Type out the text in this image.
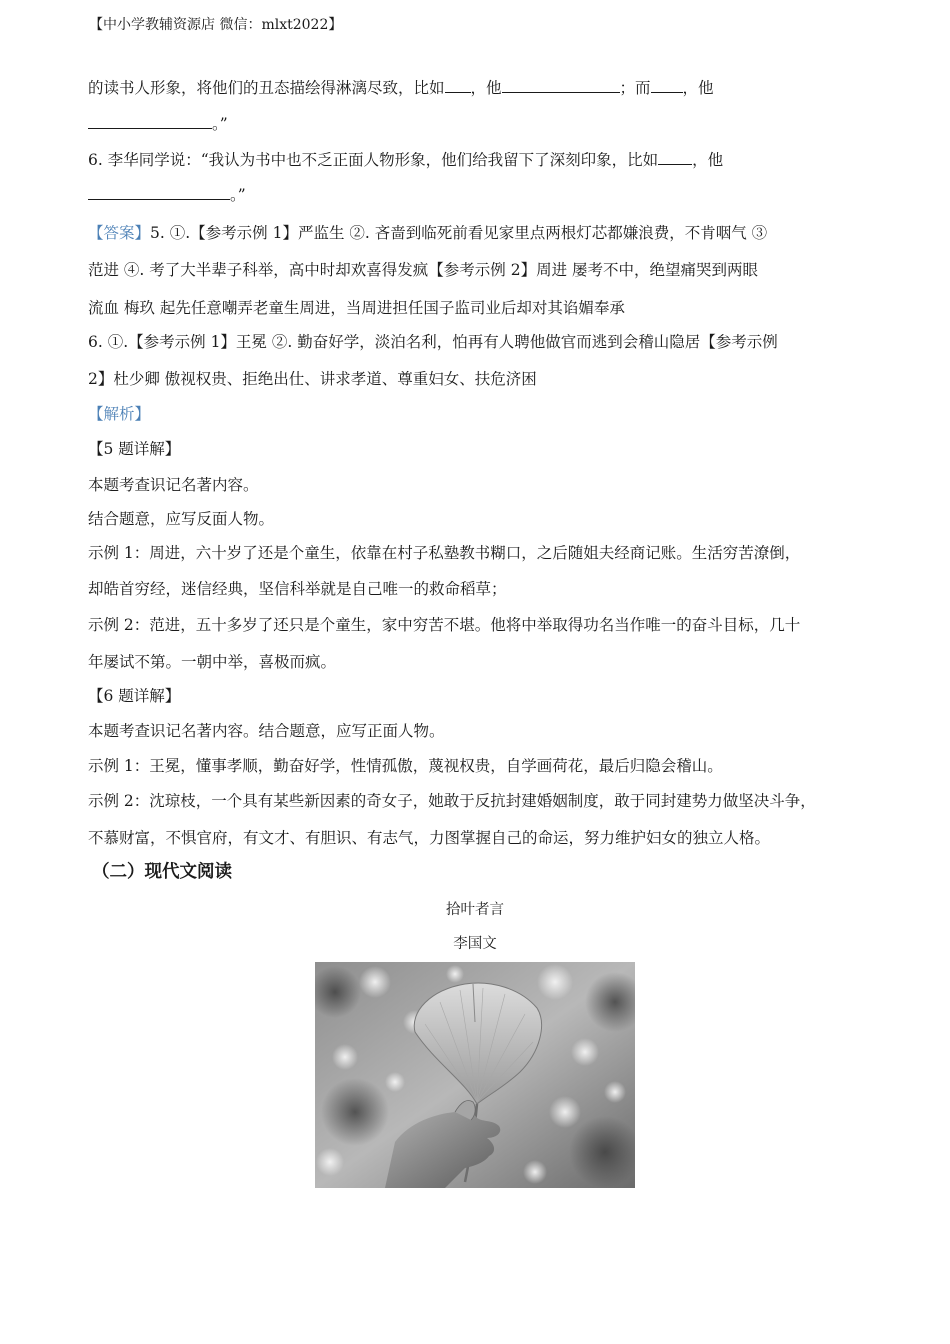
【中小学教辅资源店 微信：mlxt2022】
的读书人形象，将他们的丑态描绘得淋漓尽致，比如 ，他	；而 ，他
。”
6. 李华同学说：“我认为书中也不乏正面人物形象，他们给我留下了深刻印象，比如 ，他
。”
【答案】5. ①.【参考示例 1】严监生 ②. 吝啬到临死前看见家里点两根灯芯都嫌浪费，不肯咽气 ③
范进 ④. 考了大半辈子科举，高中时却欢喜得发疯【参考示例 2】周进 屡考不中，绝望痛哭到两眼
流血 梅玖 起先任意嘲弄老童生周进，当周进担任国子监司业后却对其谄媚奉承
6. ①.【参考示例 1】王冕 ②. 勤奋好学，淡泊名利，怕再有人聘他做官而逃到会稽山隐居【参考示例
2】杜少卿 傲视权贵、拒绝出仕、讲求孝道、尊重妇女、扶危济困
【解析】
【5 题详解】
本题考查识记名著内容。
结合题意，应写反面人物。
示例 1：周进，六十岁了还是个童生，依靠在村子私塾教书糊口，之后随姐夫经商记账。生活穷苦潦倒，
却皓首穷经，迷信经典，坚信科举就是自己唯一的救命稻草；
示例 2：范进，五十多岁了还只是个童生，家中穷苦不堪。他将中举取得功名当作唯一的奋斗目标，几十
年屡试不第。一朝中举，喜极而疯。
【6 题详解】
本题考查识记名著内容。结合题意，应写正面人物。
示例 1：王冕，懂事孝顺，勤奋好学，性情孤傲，蔑视权贵，自学画荷花，最后归隐会稽山。
示例 2：沈琼枝，一个具有某些新因素的奇女子，她敢于反抗封建婚姻制度，敢于同封建势力做坚决斗争，
不慕财富，不惧官府，有文才、有胆识、有志气，力图掌握自己的命运，努力维护妇女的独立人格。
（二）现代文阅读
拾叶者言
李国文
